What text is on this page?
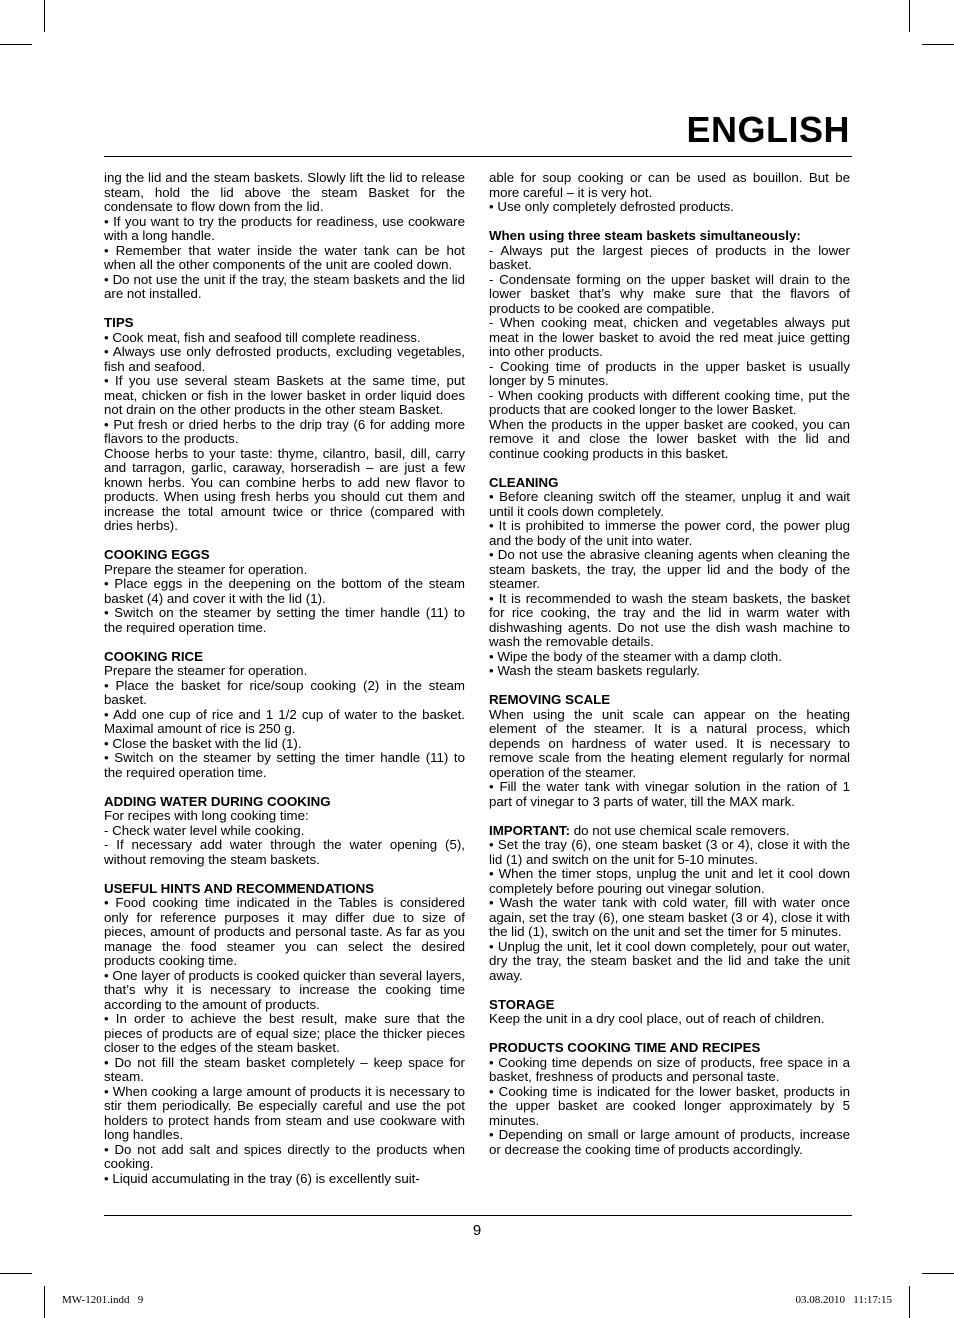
ENGLISH

ing the lid and the steam baskets. Slowly lift the lid to release steam, hold the lid above the steam Basket for the condensate to flow down from the lid.

• If you want to try the products for readiness, use cookware with a long handle.

• Remember that water inside the water tank can be hot when all the other components of the unit are cooled down.

• Do not use the unit if the tray, the steam baskets and the lid are not installed.

TIPS

• Cook meat, fish and seafood till complete readiness.

• Always use only defrosted products, excluding vegetables, fish and seafood.

• If you use several steam Baskets at the same time, put meat, chicken or fish in the lower basket in order liquid does not drain on the other products in the other steam Basket.

• Put fresh or dried herbs to the drip tray (6 for adding more flavors to the products.

Choose herbs to your taste: thyme, cilantro, basil, dill, carry and tarragon, garlic, caraway, horseradish – are just a few known herbs. You can combine herbs to add new flavor to products. When using fresh herbs you should cut them and increase the total amount twice or thrice (compared with dries herbs).

COOKING EGGS

Prepare the steamer for operation.

• Place eggs in the deepening on the bottom of the steam basket (4) and cover it with the lid (1).

• Switch on the steamer by setting the timer handle (11) to the required operation time.

COOKING RICE

Prepare the steamer for operation.

• Place the basket for rice/soup cooking (2) in the steam basket.

• Add one cup of rice and 1 1/2 cup of water to the basket. Maximal amount of rice is 250 g.

• Close the basket with the lid (1).

• Switch on the steamer by setting the timer handle (11) to the required operation time.

ADDING WATER DURING COOKING

For recipes with long cooking time:

- Check water level while cooking.

- If necessary add water through the water opening (5), without removing the steam baskets.

USEFUL HINTS AND RECOMMENDATIONS

• Food cooking time indicated in the Tables is considered only for reference purposes it may differ due to size of pieces, amount of products and personal taste. As far as you manage the food steamer you can select the desired products cooking time.

• One layer of products is cooked quicker than several layers, that’s why it is necessary to increase the cooking time according to the amount of products.

• In order to achieve the best result, make sure that the pieces of products are of equal size; place the thicker pieces closer to the edges of the steam basket.

• Do not fill the steam basket completely – keep space for steam.

• When cooking a large amount of products it is necessary to stir them periodically. Be especially careful and use the pot holders to protect hands from steam and use cookware with long handles.

• Do not add salt and spices directly to the products when cooking.

• Liquid accumulating in the tray (6) is excellently suit-

able for soup cooking or can be used as bouillon. But be more careful – it is very hot.

• Use only completely defrosted products.

When using three steam baskets simultaneously:

- Always put the largest pieces of products in the lower basket.

- Condensate forming on the upper basket will drain to the lower basket that’s why make sure that the flavors of products to be cooked are compatible.

- When cooking meat, chicken and vegetables always put meat in the lower basket to avoid the red meat juice getting into other products.

- Cooking time of products in the upper basket is usually longer by 5 minutes.

- When cooking products with different cooking time, put the products that are cooked longer to the lower Basket.

When the products in the upper basket are cooked, you can remove it and close the lower basket with the lid and continue cooking products in this basket.

CLEANING

• Before cleaning switch off the steamer, unplug it and wait until it cools down completely.

• It is prohibited to immerse the power cord, the power plug and the body of the unit into water.

• Do not use the abrasive cleaning agents when cleaning the steam baskets, the tray, the upper lid and the body of the steamer.

• It is recommended to wash the steam baskets, the basket for rice cooking, the tray and the lid in warm water with dishwashing agents. Do not use the dish wash machine to wash the removable details.

• Wipe the body of the steamer with a damp cloth.

• Wash the steam baskets regularly.

REMOVING SCALE

When using the unit scale can appear on the heating element of the steamer. It is a natural process, which depends on hardness of water used. It is necessary to remove scale from the heating element regularly for normal operation of the steamer.

• Fill the water tank with vinegar solution in the ration of 1 part of vinegar to 3 parts of water, till the MAX mark.

IMPORTANT: do not use chemical scale removers.

• Set the tray (6), one steam basket (3 or 4), close it with the lid (1) and switch on the unit for 5-10 minutes.

• When the timer stops, unplug the unit and let it cool down completely before pouring out vinegar solution.

• Wash the water tank with cold water, fill with water once again, set the tray (6), one steam basket (3 or 4), close it with the lid (1), switch on the unit and set the timer for 5 minutes.

• Unplug the unit, let it cool down completely, pour out water, dry the tray, the steam basket and the lid and take the unit away.

STORAGE

Keep the unit in a dry cool place, out of reach of children.

PRODUCTS COOKING TIME AND RECIPES

• Cooking time depends on size of products, free space in a basket, freshness of products and personal taste.

• Cooking time is indicated for the lower basket, products in the upper basket are cooked longer approximately by 5 minutes.

• Depending on small or large amount of products, increase or decrease the cooking time of products accordingly.

9
MW-1201.indd   9	03.08.2010   11:17:15
